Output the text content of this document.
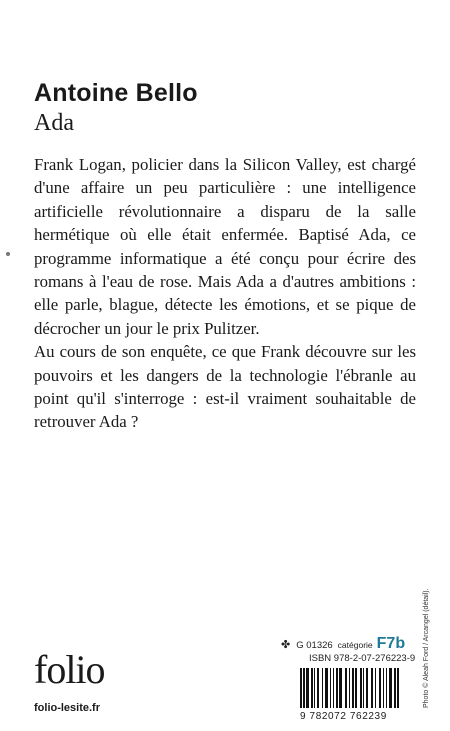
Antoine Bello
Ada

Frank Logan, policier dans la Silicon Valley, est chargé d'une affaire un peu particulière : une intelligence artificielle révolutionnaire a disparu de la salle hermétique où elle était enfermée. Baptisé Ada, ce programme informatique a été conçu pour écrire des romans à l'eau de rose. Mais Ada a d'autres ambitions : elle parle, blague, détecte les émotions, et se pique de décrocher un jour le prix Pulitzer.

Au cours de son enquête, ce que Frank découvre sur les pouvoirs et les dangers de la technologie l'ébranle au point qu'il s'interroge : est-il vraiment souhaitable de retrouver Ada ?

folio
folio-lesite.fr
✤ G 01326 catégorie F7b
ISBN 978-2-07-276223-9
9 782072 762239
Photo © Aleah Ford / Arcangel (détail).
